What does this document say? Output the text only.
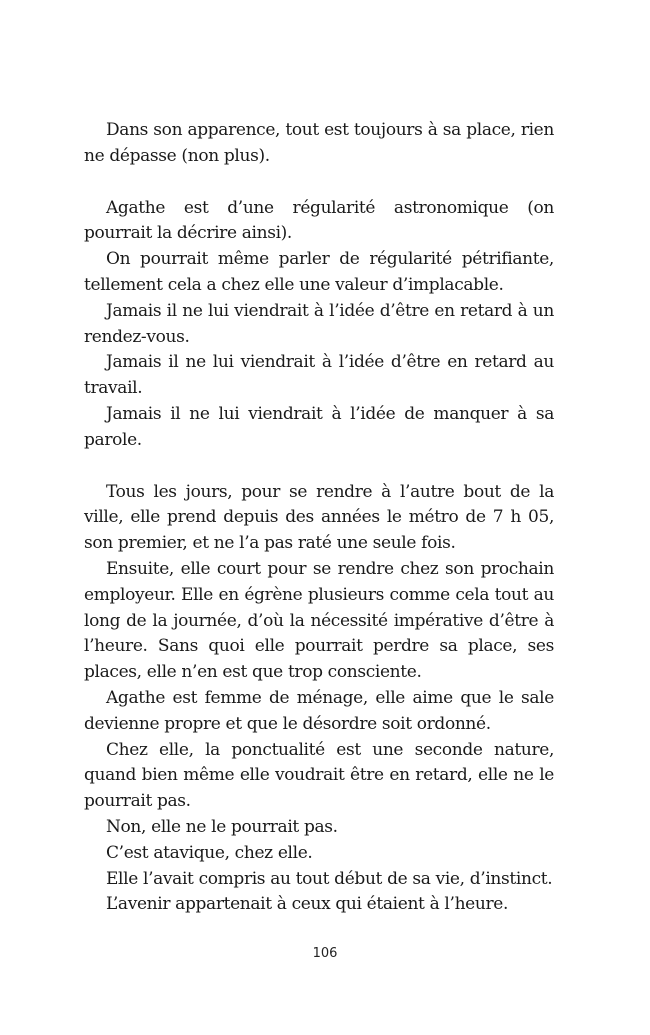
Dans son apparence, tout est toujours à sa place, rien ne dépasse (non plus).

Agathe est d’une régularité astronomique (on pourrait la décrire ainsi).

On pourrait même parler de régularité pétrifiante, tellement cela a chez elle une valeur d’implacable.

Jamais il ne lui viendrait à l’idée d’être en retard à un rendez-vous.

Jamais il ne lui viendrait à l’idée d’être en retard au travail.

Jamais il ne lui viendrait à l’idée de manquer à sa parole.

Tous les jours, pour se rendre à l’autre bout de la ville, elle prend depuis des années le métro de 7 h 05, son premier, et ne l’a pas raté une seule fois.

Ensuite, elle court pour se rendre chez son prochain employeur. Elle en égrène plusieurs comme cela tout au long de la journée, d’où la nécessité impérative d’être à l’heure. Sans quoi elle pourrait perdre sa place, ses places, elle n’en est que trop consciente.

Agathe est femme de ménage, elle aime que le sale devienne propre et que le désordre soit ordonné.

Chez elle, la ponctualité est une seconde nature, quand bien même elle voudrait être en retard, elle ne le pourrait pas.

Non, elle ne le pourrait pas.

C’est atavique, chez elle.

Elle l’avait compris au tout début de sa vie, d’instinct.

L’avenir appartenait à ceux qui étaient à l’heure.

106
